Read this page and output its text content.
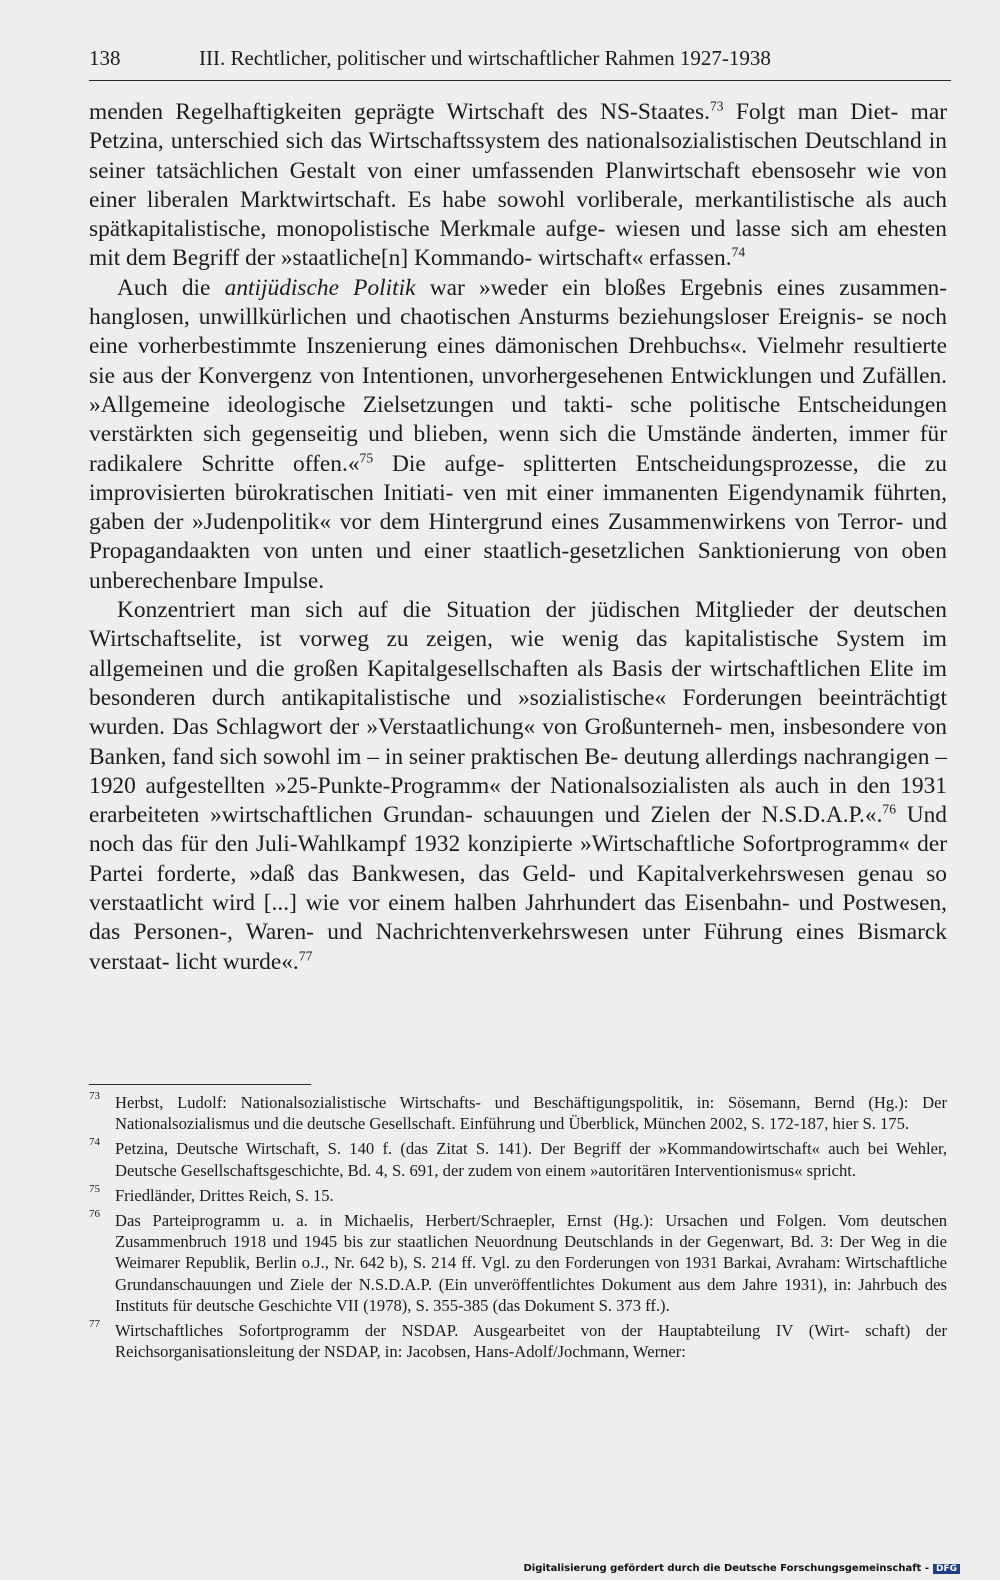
138	III. Rechtlicher, politischer und wirtschaftlicher Rahmen 1927-1938

menden Regelhaftigkeiten geprägte Wirtschaft des NS-Staates.$^{73}$ Folgt man Diet- mar Petzina, unterschied sich das Wirtschaftssystem des nationalsozialistischen Deutschland in seiner tatsächlichen Gestalt von einer umfassenden Planwirtschaft ebensosehr wie von einer liberalen Marktwirtschaft. Es habe sowohl vorliberale, merkantilistische als auch spätkapitalistische, monopolistische Merkmale aufge- wiesen und lasse sich am ehesten mit dem Begriff der »staatliche[n] Kommando- wirtschaft« erfassen.$^{74}$

Auch die antijüdische Politik war »weder ein bloßes Ergebnis eines zusammen- hanglosen, unwillkürlichen und chaotischen Ansturms beziehungsloser Ereignis- se noch eine vorherbestimmte Inszenierung eines dämonischen Drehbuchs«. Vielmehr resultierte sie aus der Konvergenz von Intentionen, unvorhergesehenen Entwicklungen und Zufällen. »Allgemeine ideologische Zielsetzungen und takti- sche politische Entscheidungen verstärkten sich gegenseitig und blieben, wenn sich die Umstände änderten, immer für radikalere Schritte offen.«$^{75}$ Die aufge- splitterten Entscheidungsprozesse, die zu improvisierten bürokratischen Initiati- ven mit einer immanenten Eigendynamik führten, gaben der »Judenpolitik« vor dem Hintergrund eines Zusammenwirkens von Terror- und Propagandaakten von unten und einer staatlich-gesetzlichen Sanktionierung von oben unberechenbare Impulse.

Konzentriert man sich auf die Situation der jüdischen Mitglieder der deutschen Wirtschaftselite, ist vorweg zu zeigen, wie wenig das kapitalistische System im allgemeinen und die großen Kapitalgesellschaften als Basis der wirtschaftlichen Elite im besonderen durch antikapitalistische und »sozialistische« Forderungen beeinträchtigt wurden. Das Schlagwort der »Verstaatlichung« von Großunterneh- men, insbesondere von Banken, fand sich sowohl im – in seiner praktischen Be- deutung allerdings nachrangigen – 1920 aufgestellten »25-Punkte-Programm« der Nationalsozialisten als auch in den 1931 erarbeiteten »wirtschaftlichen Grundan- schauungen und Zielen der N.S.D.A.P.«.$^{76}$ Und noch das für den Juli-Wahlkampf 1932 konzipierte »Wirtschaftliche Sofortprogramm« der Partei forderte, »daß das Bankwesen, das Geld- und Kapitalverkehrswesen genau so verstaatlicht wird [...] wie vor einem halben Jahrhundert das Eisenbahn- und Postwesen, das Personen-, Waren- und Nachrichtenverkehrswesen unter Führung eines Bismarck verstaat- licht wurde«.$^{77}$

73 Herbst, Ludolf: Nationalsozialistische Wirtschafts- und Beschäftigungspolitik, in: Sösemann, Bernd (Hg.): Der Nationalsozialismus und die deutsche Gesellschaft. Einführung und Überblick, München 2002, S. 172-187, hier S. 175.
74 Petzina, Deutsche Wirtschaft, S. 140 f. (das Zitat S. 141). Der Begriff der »Kommandowirtschaft« auch bei Wehler, Deutsche Gesellschaftsgeschichte, Bd. 4, S. 691, der zudem von einem »autoritären Interventionismus« spricht.
75 Friedländer, Drittes Reich, S. 15.
76 Das Parteiprogramm u. a. in Michaelis, Herbert/Schraepler, Ernst (Hg.): Ursachen und Folgen. Vom deutschen Zusammenbruch 1918 und 1945 bis zur staatlichen Neuordnung Deutschlands in der Gegenwart, Bd. 3: Der Weg in die Weimarer Republik, Berlin o.J., Nr. 642 b), S. 214 ff. Vgl. zu den Forderungen von 1931 Barkai, Avraham: Wirtschaftliche Grundanschauungen und Ziele der N.S.D.A.P. (Ein unveröffentlichtes Dokument aus dem Jahre 1931), in: Jahrbuch des Instituts für deutsche Geschichte VII (1978), S. 355-385 (das Dokument S. 373 ff.).
77 Wirtschaftliches Sofortprogramm der NSDAP. Ausgearbeitet von der Hauptabteilung IV (Wirt- schaft) der Reichsorganisationsleitung der NSDAP, in: Jacobsen, Hans-Adolf/Jochmann, Werner:
Digitalisierung gefördert durch die Deutsche Forschungsgemeinschaft - DFG
